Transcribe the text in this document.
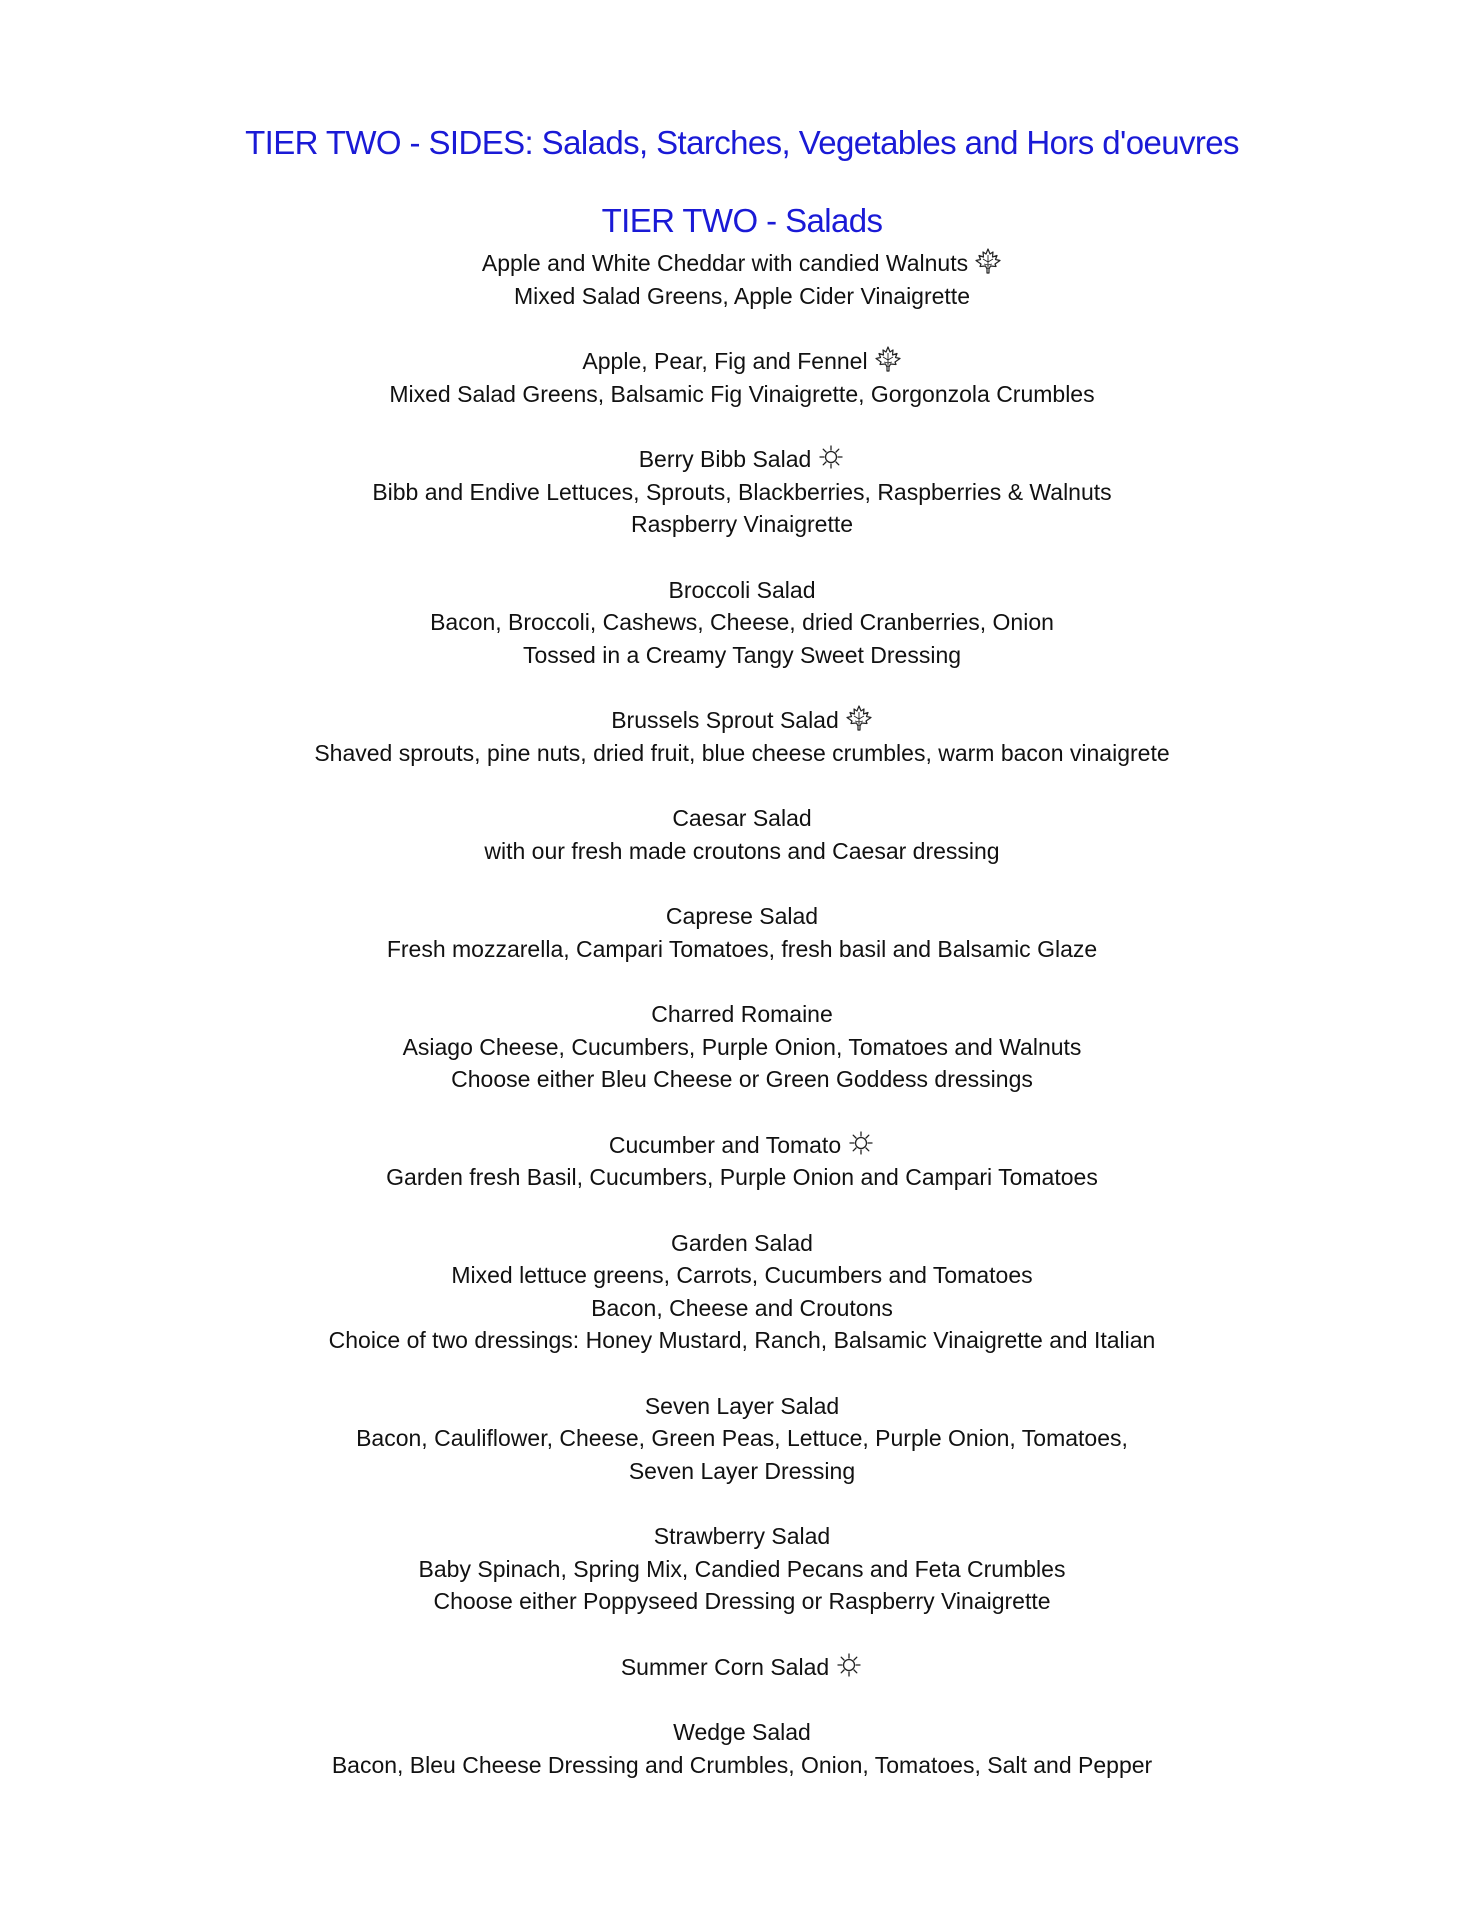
TIER TWO - SIDES: Salads, Starches, Vegetables and Hors d'oeuvres
TIER TWO - Salads
Apple and White Cheddar with candied Walnuts
Mixed Salad Greens, Apple Cider Vinaigrette
Apple, Pear, Fig and Fennel
Mixed Salad Greens, Balsamic Fig Vinaigrette, Gorgonzola Crumbles
Berry Bibb Salad
Bibb and Endive Lettuces, Sprouts, Blackberries, Raspberries & Walnuts
Raspberry Vinaigrette
Broccoli Salad
Bacon, Broccoli, Cashews, Cheese, dried Cranberries, Onion
Tossed in a Creamy Tangy Sweet Dressing
Brussels Sprout Salad
Shaved sprouts, pine nuts, dried fruit, blue cheese crumbles, warm bacon vinaigrete
Caesar Salad
with our fresh made croutons and Caesar dressing
Caprese Salad
Fresh mozzarella, Campari Tomatoes, fresh basil and Balsamic Glaze
Charred Romaine
Asiago Cheese, Cucumbers, Purple Onion, Tomatoes and Walnuts
Choose either Bleu Cheese or Green Goddess dressings
Cucumber and Tomato
Garden fresh Basil, Cucumbers, Purple Onion and Campari Tomatoes
Garden Salad
Mixed lettuce greens, Carrots, Cucumbers and Tomatoes
Bacon, Cheese and Croutons
Choice of two dressings: Honey Mustard, Ranch, Balsamic Vinaigrette and Italian
Seven Layer Salad
Bacon, Cauliflower, Cheese, Green Peas, Lettuce, Purple Onion, Tomatoes,
Seven Layer Dressing
Strawberry Salad
Baby Spinach, Spring Mix, Candied Pecans and Feta Crumbles
Choose either Poppyseed Dressing or Raspberry Vinaigrette
Summer Corn Salad
Wedge Salad
Bacon, Bleu Cheese Dressing and Crumbles, Onion, Tomatoes, Salt and Pepper
